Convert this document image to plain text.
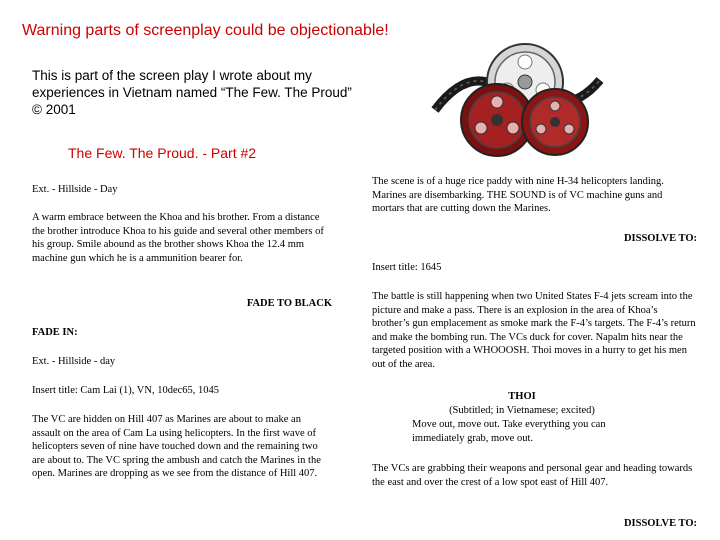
Warning parts of screenplay could be objectionable!
This is part of the screen play I wrote about my experiences in Vietnam named “The Few. The Proud” © 2001
The Few. The Proud. - Part #2

Ext. - Hillside - Day

A warm embrace between the Khoa and his brother. From a distance the brother introduce Khoa to his guide and several other members of his group. Smile abound as the brother shows Khoa the 12.4 mm machine gun which he is a ammunition bearer for.

FADE TO BLACK

FADE IN:

Ext. - Hillside - day

Insert title: Cam Lai (1), VN, 10dec65, 1045

The VC are hidden on Hill 407 as Marines are about to make an assault on the area of Cam La using helicopters. In the first wave of helicopters seven of nine have touched down and the remaining two are about to. The VC spring the ambush and catch the Marines in the open. Marines are dropping as we see from the distance of Hill 407.

The scene is of a huge rice paddy with nine H-34 helicopters landing. Marines are disembarking. THE SOUND is of VC machine guns and mortars that are cutting down the Marines.

DISSOLVE TO:

Insert title: 1645

The battle is still happening when two United States F-4 jets scream into the picture and make a pass. There is an explosion in the area of Khoa’s brother’s gun emplacement as smoke mark the F-4’s targets. The F-4’s return and make the bombing run. The VCs duck for cover. Napalm hits near the targeted position with a WHOOOSH. Thoi moves in a hurry to get his men out of the area.

THOI

(Subtitled; in Vietnamese; excited)

Move out, move out. Take everything you can immediately grab, move out.

The VCs are grabbing their weapons and personal gear and heading towards the east and over the crest of a low spot east of Hill 407.

DISSOLVE TO:
